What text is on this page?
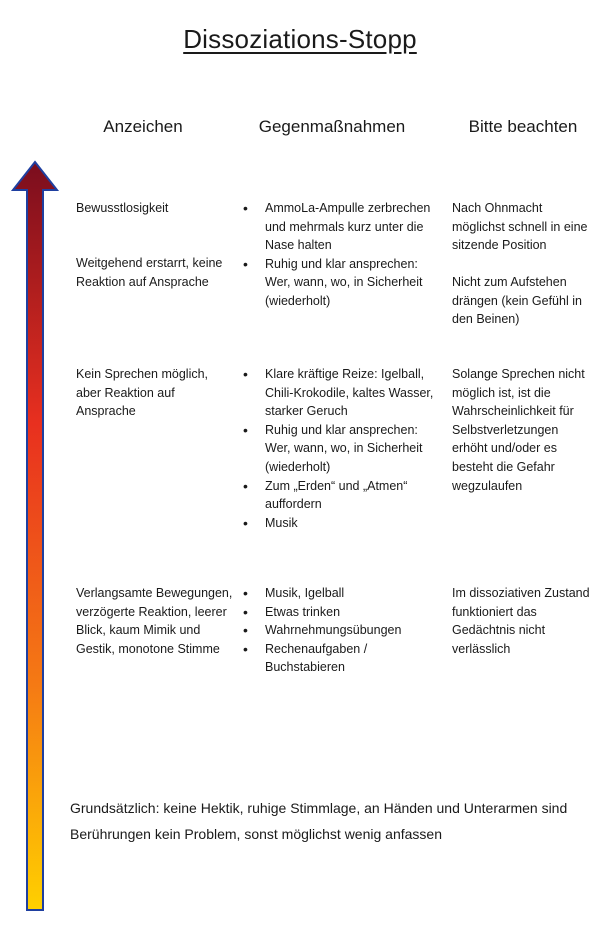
Dissoziations-Stopp
Anzeichen	Gegenmaßnahmen	Bitte beachten
Bewusstlosigkeit
Weitgehend erstarrt, keine Reaktion auf Ansprache
• AmmoLa-Ampulle zerbrechen und mehrmals kurz unter die Nase halten
• Ruhig und klar ansprechen: Wer, wann, wo, in Sicherheit (wiederholt)
Nach Ohnmacht möglichst schnell in eine sitzende Position
Nicht zum Aufstehen drängen (kein Gefühl in den Beinen)
Kein Sprechen möglich, aber Reaktion auf Ansprache
• Klare kräftige Reize: Igelball, Chili-Krokodile, kaltes Wasser, starker Geruch
• Ruhig und klar ansprechen: Wer, wann, wo, in Sicherheit (wiederholt)
• Zum „Erden“ und „Atmen“ auffordern
• Musik
Solange Sprechen nicht möglich ist, ist die Wahrscheinlichkeit für Selbstverletzungen erhöht und/oder es besteht die Gefahr wegzulaufen
Verlangsamte Bewegungen, verzögerte Reaktion, leerer Blick, kaum Mimik und Gestik, monotone Stimme
• Musik, Igelball
• Etwas trinken
• Wahrnehmungsübungen
• Rechenaufgaben / Buchstabieren
Im dissoziativen Zustand funktioniert das Gedächtnis nicht verlässlich
Grundsätzlich: keine Hektik, ruhige Stimmlage, an Händen und Unterarmen sind Berührungen kein Problem, sonst möglichst wenig anfassen
